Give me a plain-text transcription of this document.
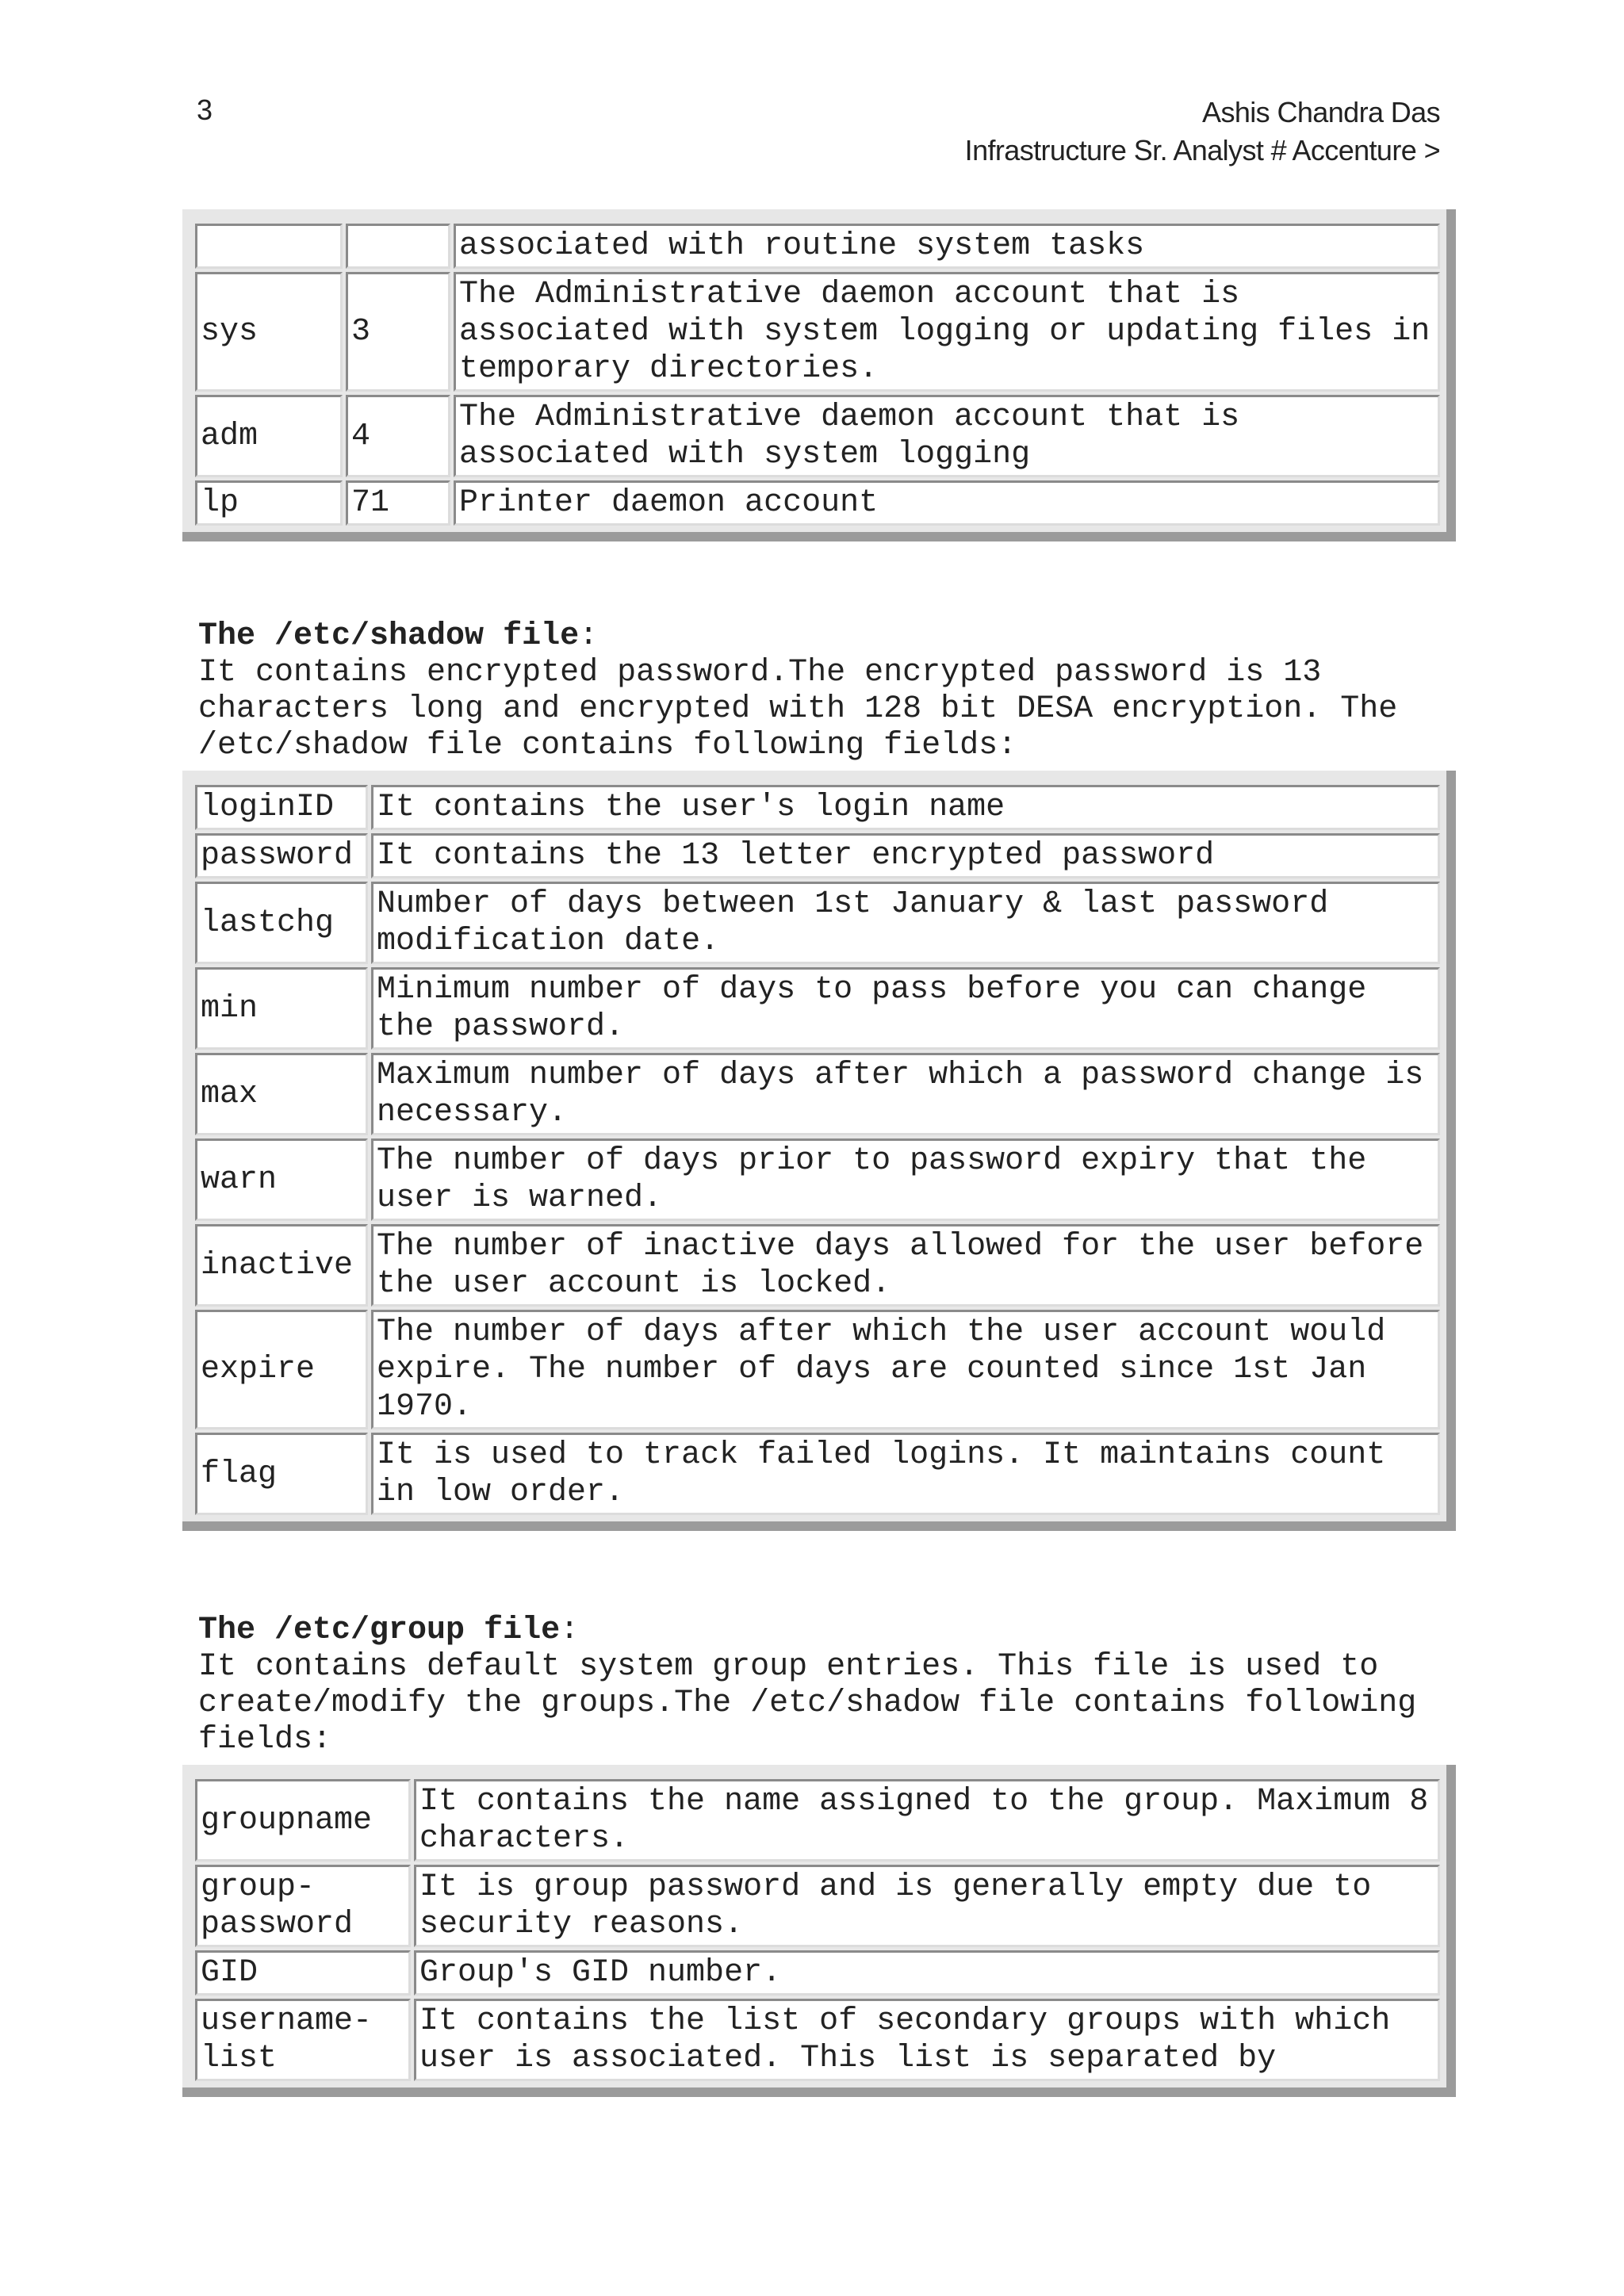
3	Ashis Chandra Das
Infrastructure Sr. Analyst # Accenture >
		associated with routine system tasks
sys	3	The Administrative daemon account that is associated with system logging or updating files in temporary directories.
adm	4	The Administrative daemon account that is associated with system logging
lp	71	Printer daemon account

The /etc/shadow file:

It contains encrypted password.The encrypted password is 13 characters long and encrypted with 128 bit DESA encryption. The /etc/shadow file contains following fields:

loginID	It contains the user's login name
password	It contains the 13 letter encrypted password
lastchg	Number of days between 1st January & last password modification date.
min	Minimum number of days to pass before you can change the password.
max	Maximum number of days after which a password change is necessary.
warn	The number of days prior to password expiry that the user is warned.
inactive	The number of inactive days allowed for the user before the user account is locked.
expire	The number of days after which the user account would expire. The number of days are counted since 1st Jan 1970.
flag	It is used to track failed logins. It maintains count in low order.

The /etc/group file:

It contains default system group entries. This file is used to create/modify the groups.The /etc/shadow file contains following fields:

groupname	It contains the name assigned to the group. Maximum 8 characters.
group-password	It is group password and is generally empty due to security reasons.
GID	Group's GID number.
username-list	It contains the list of secondary groups with which user is associated. This list is separated by
